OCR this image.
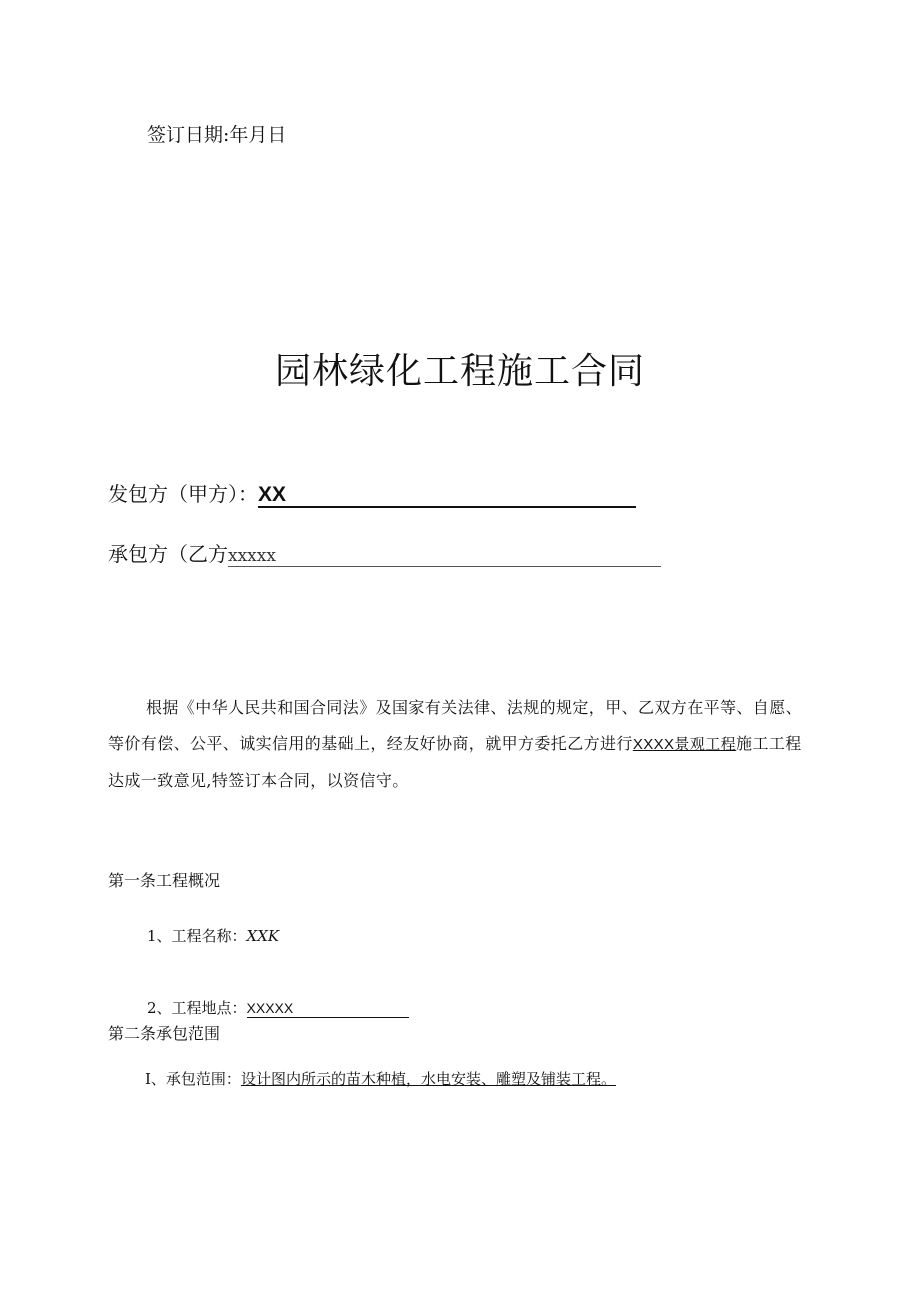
签订日期:年月日
园林绿化工程施工合同
发包方（甲方）：XX
承包方（乙方xxxxx
根据《中华人民共和国合同法》及国家有关法律、法规的规定，甲、乙双方在平等、自愿、等价有偿、公平、诚实信用的基础上，经友好协商，就甲方委托乙方进行XXXX景观工程施工工程达成一致意见,特签订本合同，以资信守。
第一条工程概况
1、工程名称：XXK
2、工程地点：XXXXX
第二条承包范围
I、承包范围：设计图内所示的苗木种植，水电安装、雕塑及铺装工程。
